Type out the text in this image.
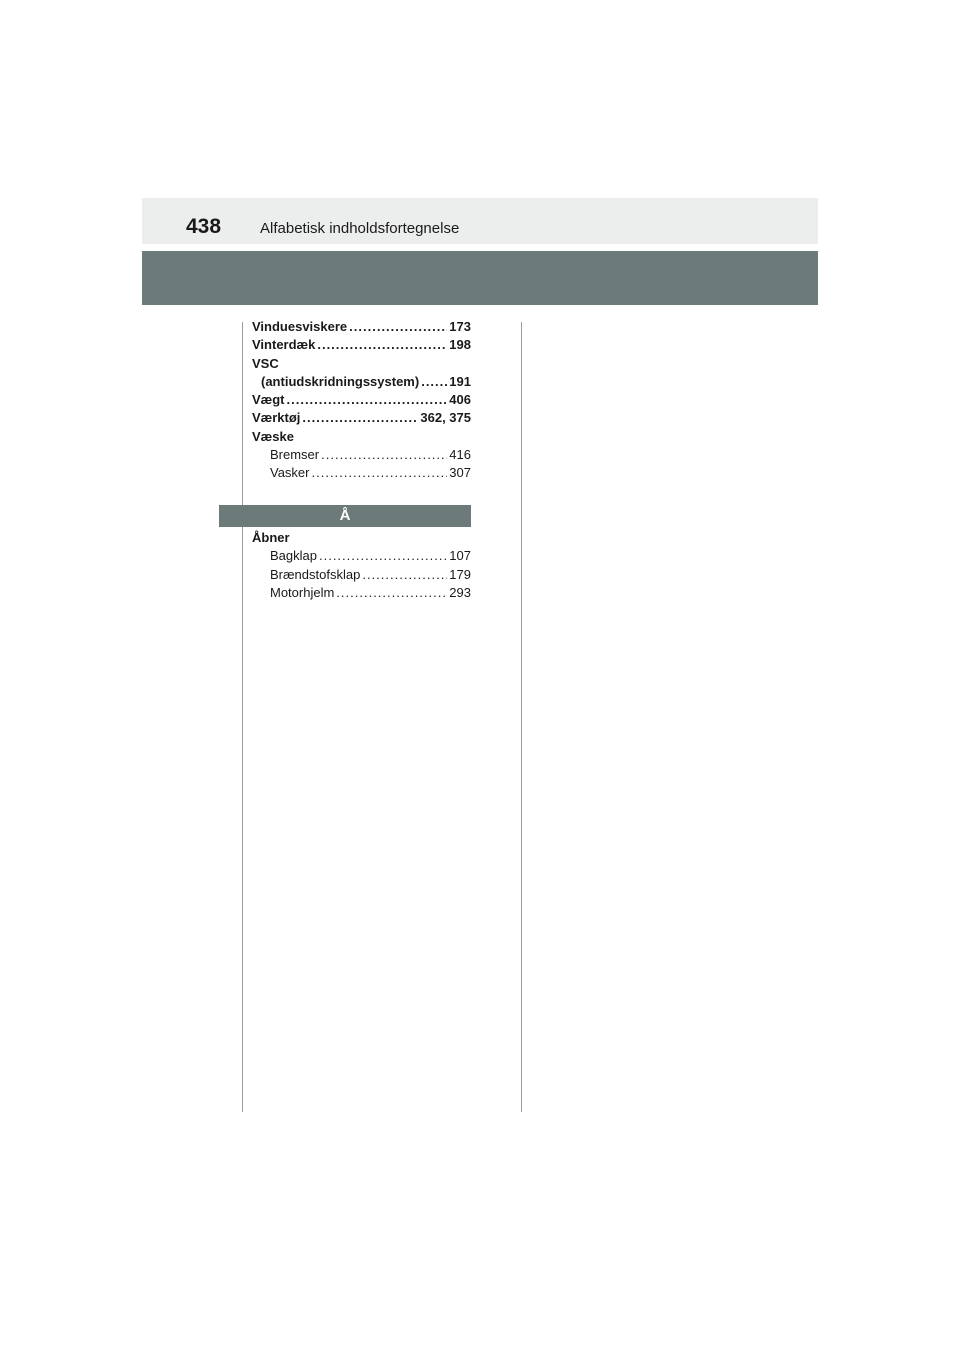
438	Alfabetisk indholdsfortegnelse
Vinduesviskere .....	173
Vinterdæk .....	198
VSC
(antiudskridningssystem) ..... 191
Vægt .....	406
Værktøj .....	362, 375
Væske
Bremser .....	416
Vasker .....	307
Å
Åbner
Bagklap .....	107
Brændstofsklap .....	179
Motorhjelm .....	293
